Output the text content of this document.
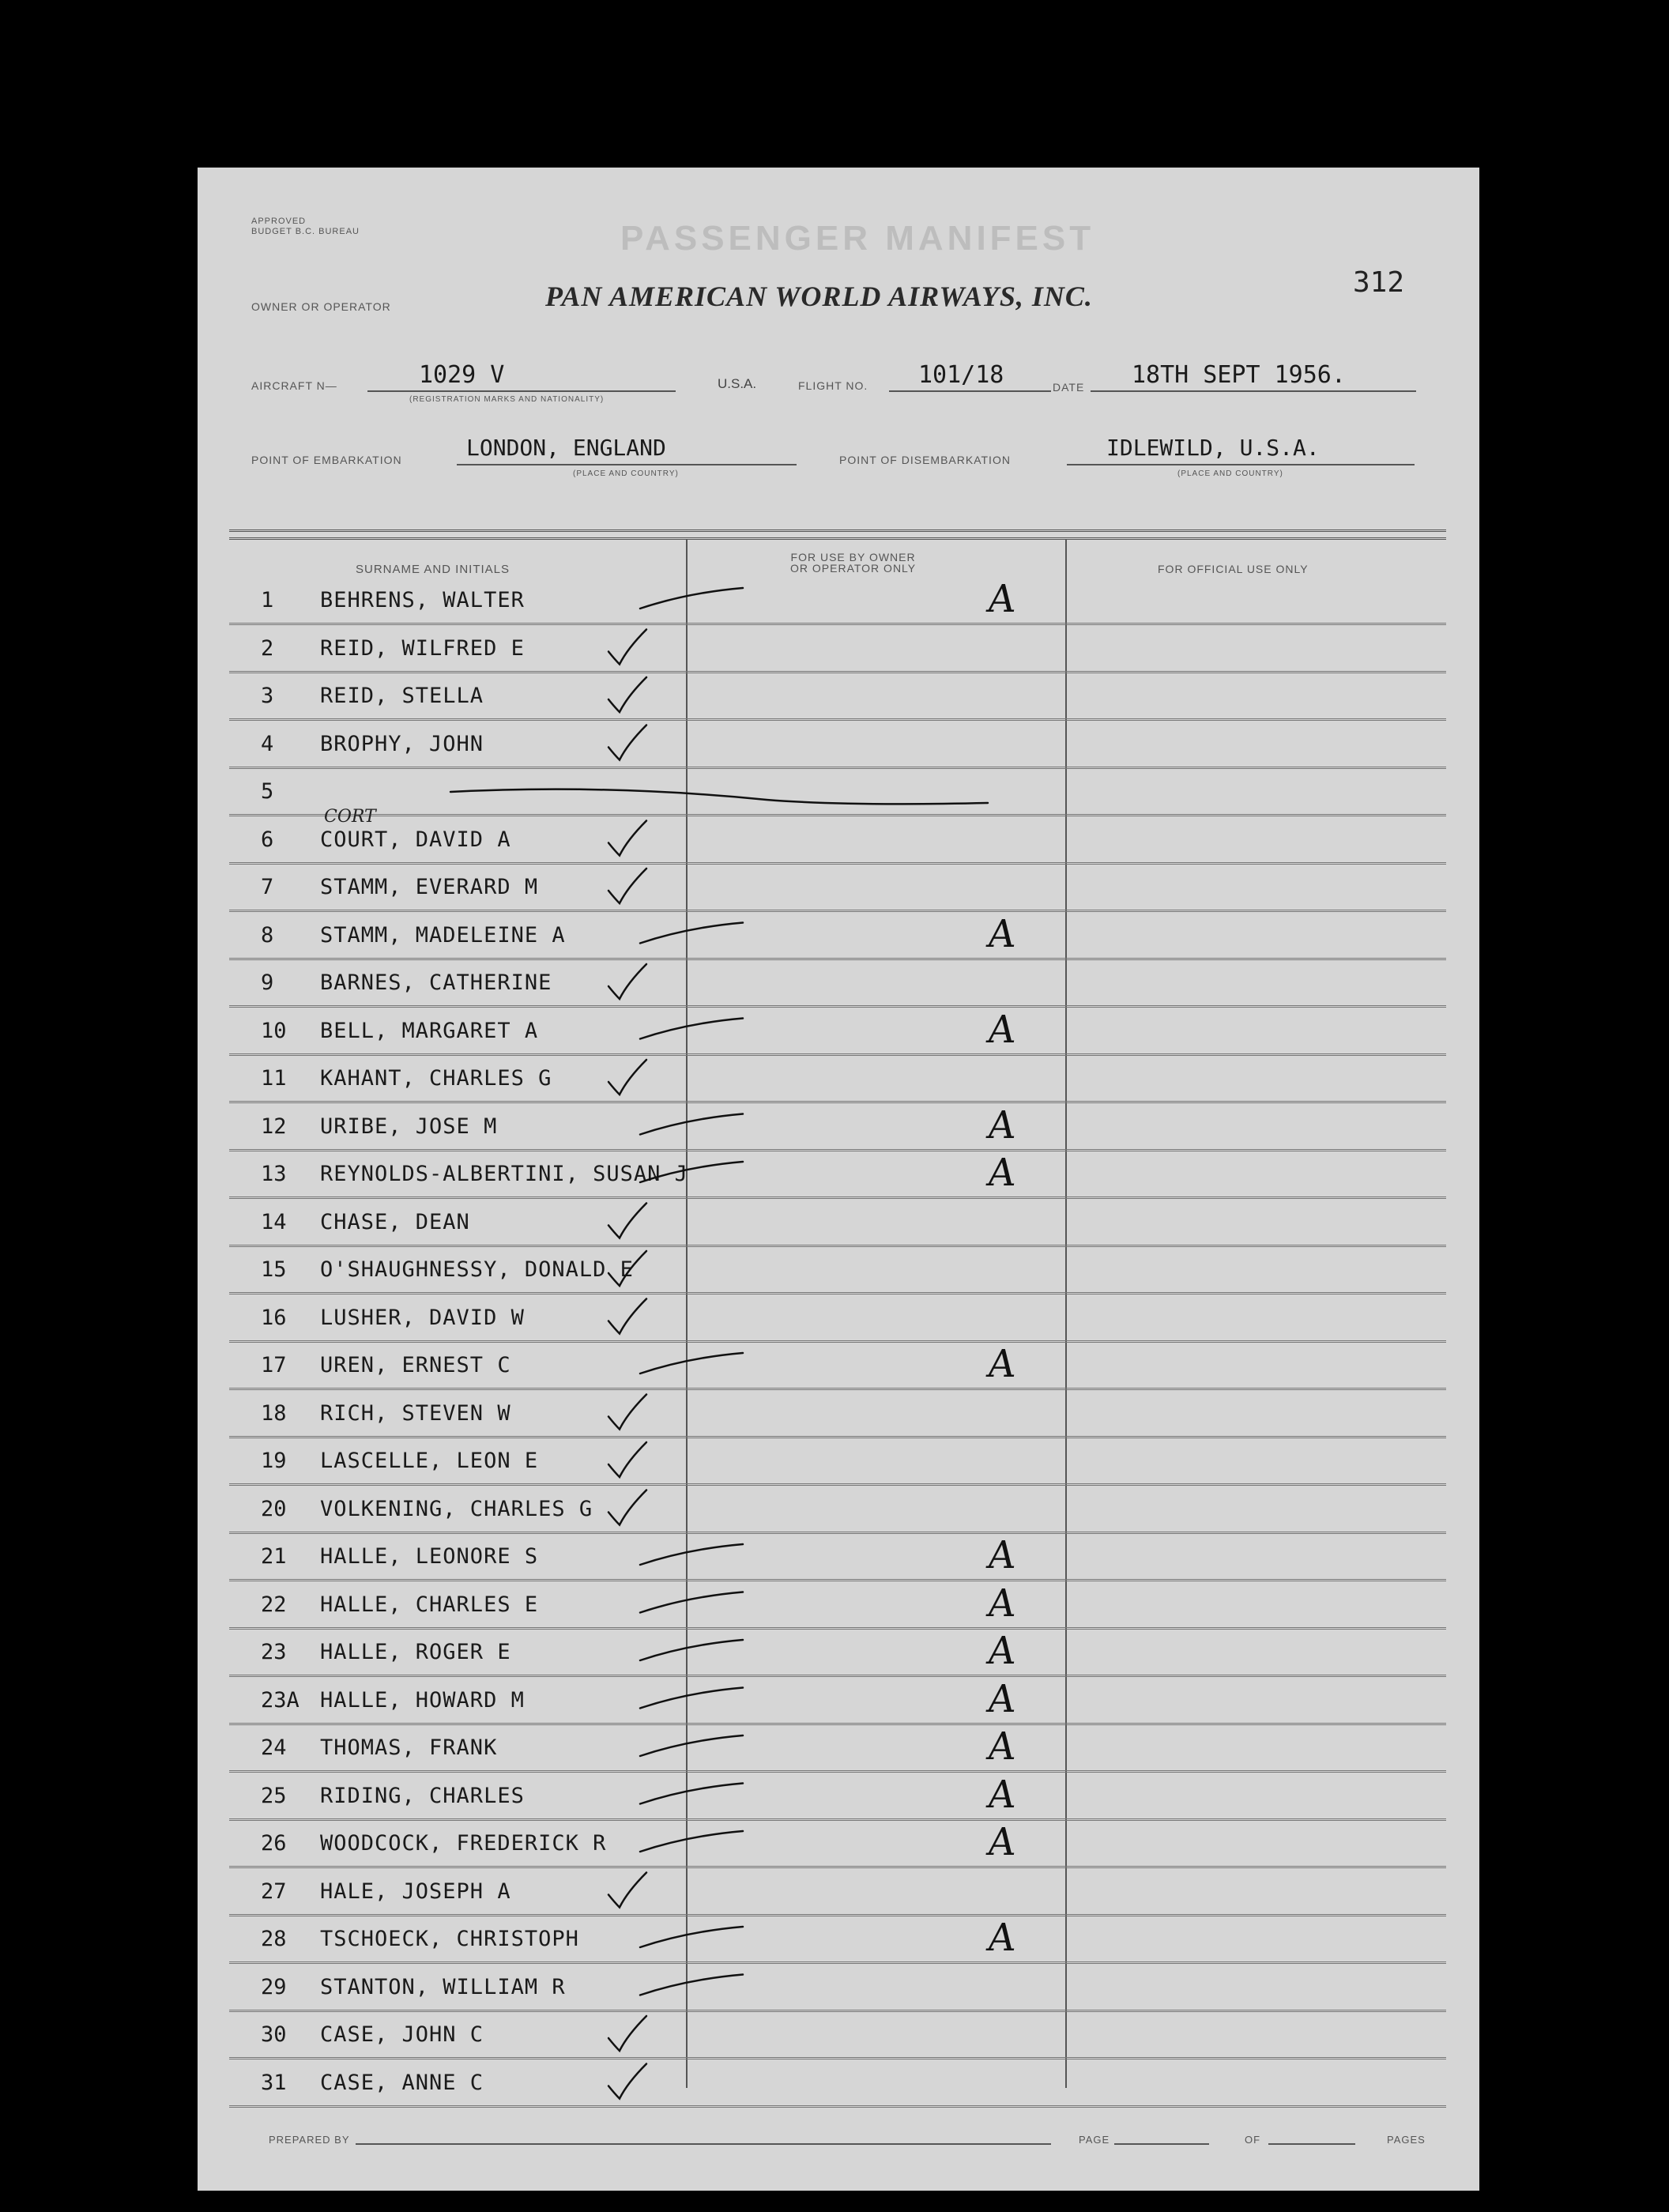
APPROVED
BUDGET B.C. BUREAU	PASSENGER MANIFEST
OWNER OR OPERATOR	PAN AMERICAN WORLD AIRWAYS, INC.	312
AIRCRAFT N—	1029 V
(REGISTRATION MARKS AND NATIONALITY)
U.S.A.	FLIGHT NO. 101/18	DATE 18TH SEPT 1956.
POINT OF EMBARKATION	LONDON, ENGLAND
(PLACE AND COUNTRY)
POINT OF DISEMBARKATION	IDLEWILD, U.S.A.
(PLACE AND COUNTRY)
SURNAME AND INITIALS
FOR USE BY OWNER
OR OPERATOR ONLY	FOR OFFICIAL USE ONLY
1	BEHRENS, WALTER	A
2	REID, WILFRED E
3	REID, STELLA
4	BROPHY, JOHN
5
6	COURT, DAVID A
CORT
7	STAMM, EVERARD M
8	STAMM, MADELEINE A	A
9	BARNES, CATHERINE
10	BELL, MARGARET A	A
11	KAHANT, CHARLES G
12	URIBE, JOSE M	A
13	REYNOLDS-ALBERTINI, SUSAN J	A
14	CHASE, DEAN
15	O'SHAUGHNESSY, DONALD E
16	LUSHER, DAVID W
17	UREN, ERNEST C	A
18	RICH, STEVEN W
19	LASCELLE, LEON E
20	VOLKENING, CHARLES G
21	HALLE, LEONORE S	A
22	HALLE, CHARLES E	A
23	HALLE, ROGER E	A
23A HALLE, HOWARD M	A
24	THOMAS, FRANK	A
25	RIDING, CHARLES	A
26	WOODCOCK, FREDERICK R	A
27	HALE, JOSEPH A
28	TSCHOECK, CHRISTOPH	A
29	STANTON, WILLIAM R
30	CASE, JOHN C
31	CASE, ANNE C
PREPARED BY	PAGE	OF	PAGES
